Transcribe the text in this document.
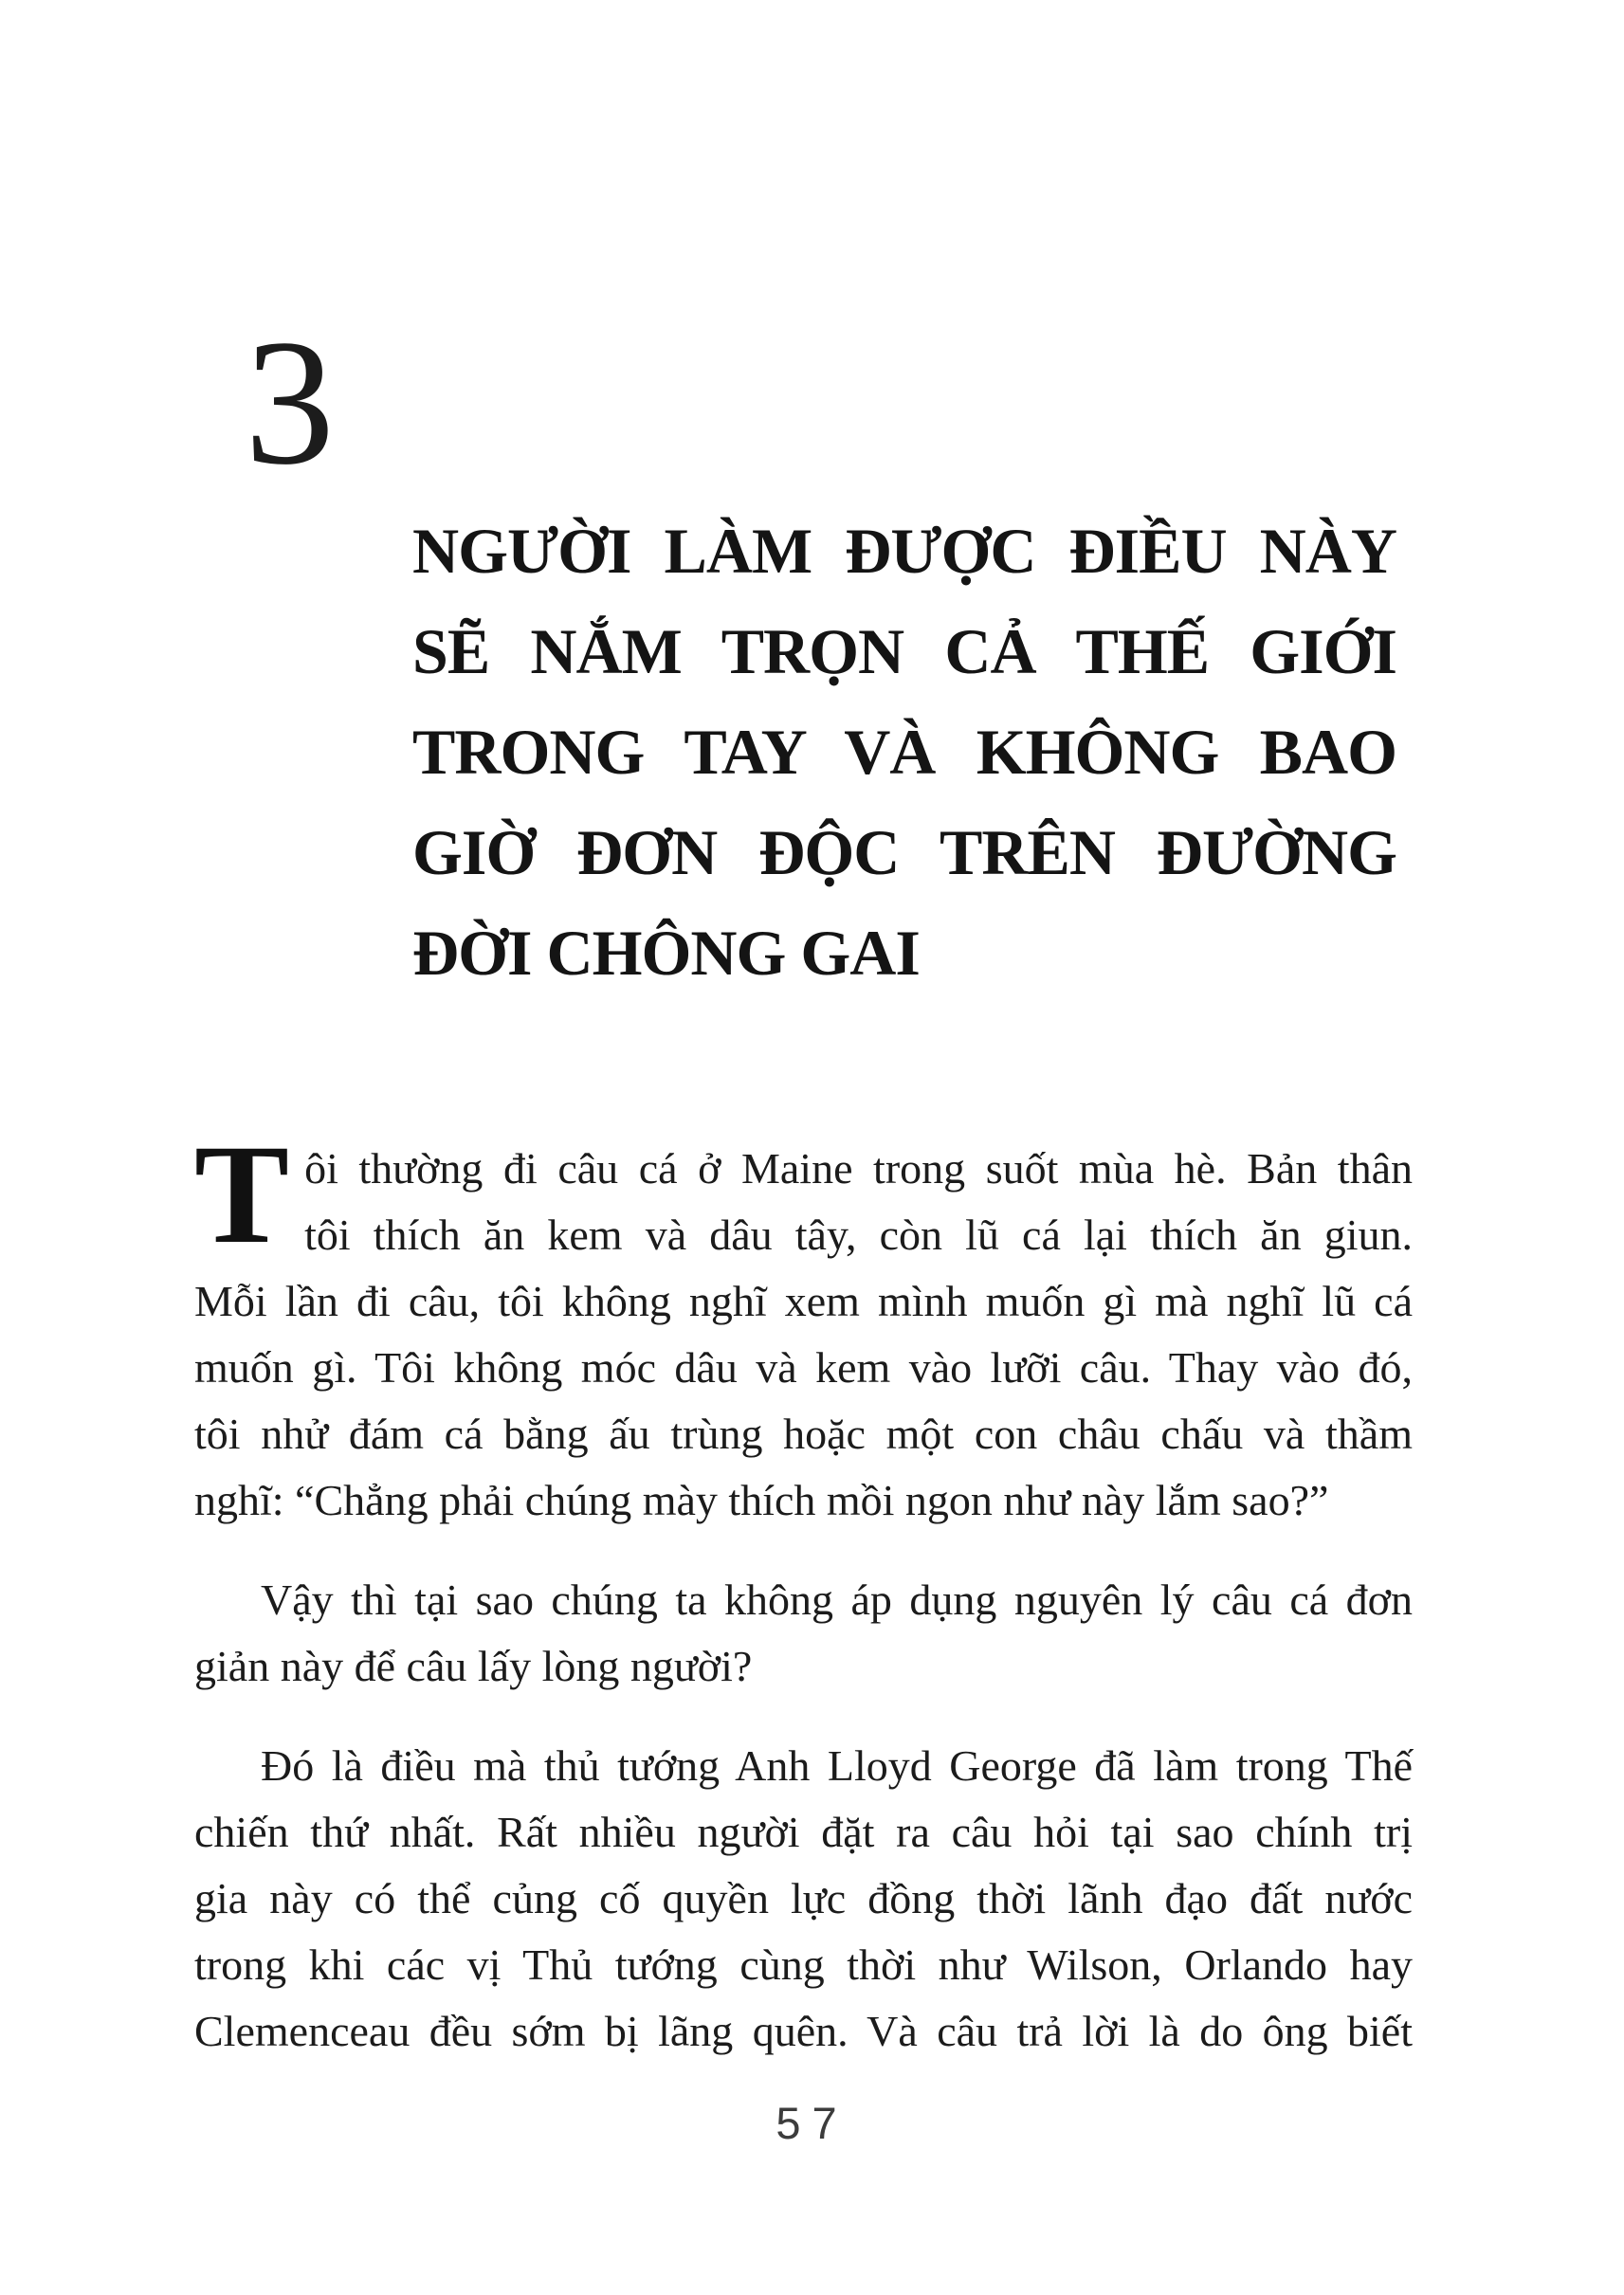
3
NGƯỜI LÀM ĐƯỢC ĐIỀU NÀY
SẼ NẮM TRỌN CẢ THẾ GIỚI
TRONG TAY VÀ KHÔNG BAO
GIỜ ĐƠN ĐỘC TRÊN ĐƯỜNG
ĐỜI CHÔNG GAI
T ôi thường đi câu cá ở Maine trong suốt mùa hè. Bản thân
tôi thích ăn kem và dâu tây, còn lũ cá lại thích ăn giun.
Mỗi lần đi câu, tôi không nghĩ xem mình muốn gì mà nghĩ lũ cá
muốn gì. Tôi không móc dâu và kem vào lưỡi câu. Thay vào đó,
tôi nhử đám cá bằng ấu trùng hoặc một con châu chấu và thầm
nghĩ: “Chẳng phải chúng mày thích mồi ngon như này lắm sao?”
Vậy thì tại sao chúng ta không áp dụng nguyên lý câu cá đơn
giản này để câu lấy lòng người?
Đó là điều mà thủ tướng Anh Lloyd George đã làm trong Thế
chiến thứ nhất. Rất nhiều người đặt ra câu hỏi tại sao chính trị
gia này có thể củng cố quyền lực đồng thời lãnh đạo đất nước
trong khi các vị Thủ tướng cùng thời như Wilson, Orlando hay
Clemenceau đều sớm bị lãng quên. Và câu trả lời là do ông biết
57
